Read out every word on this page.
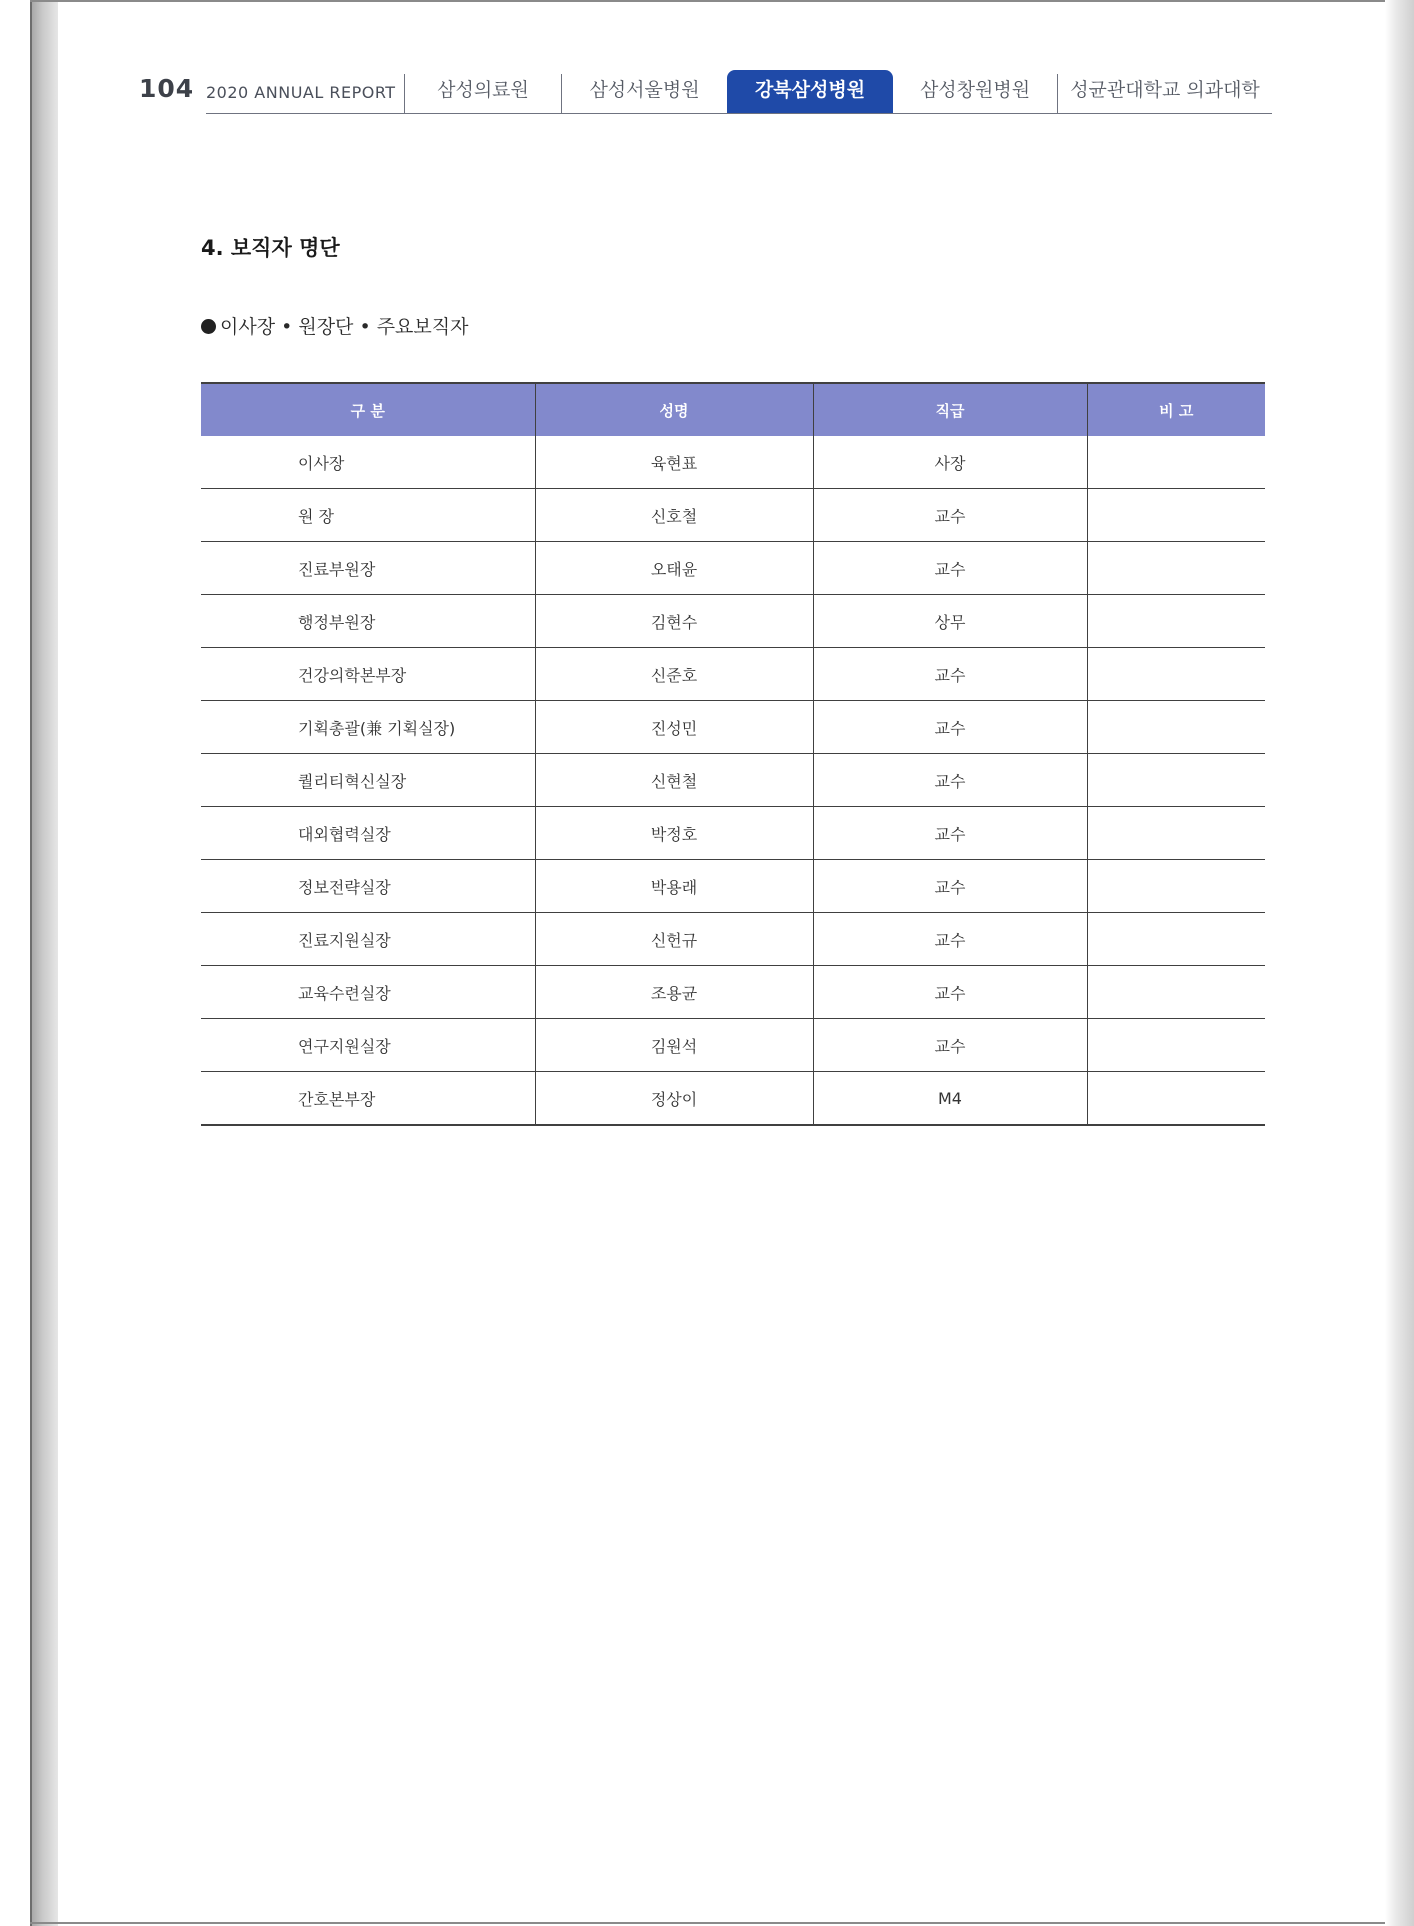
104 2020 ANNUAL REPORT	삼성의료원	삼성서울병원	강북삼성병원	삼성창원병원	성균관대학교 의과대학
4. 보직자 명단
이사장 • 원장단 • 주요보직자
구 분	성명	직급	비 고
이사장	육현표	사장	
원 장	신호철	교수	
진료부원장	오태윤	교수	
행정부원장	김현수	상무	
건강의학본부장	신준호	교수	
기획총괄(兼 기획실장)	진성민	교수	
퀄리티혁신실장	신현철	교수	
대외협력실장	박정호	교수	
정보전략실장	박용래	교수	
진료지원실장	신헌규	교수	
교육수련실장	조용균	교수	
연구지원실장	김원석	교수	
간호본부장	정상이	M4	
